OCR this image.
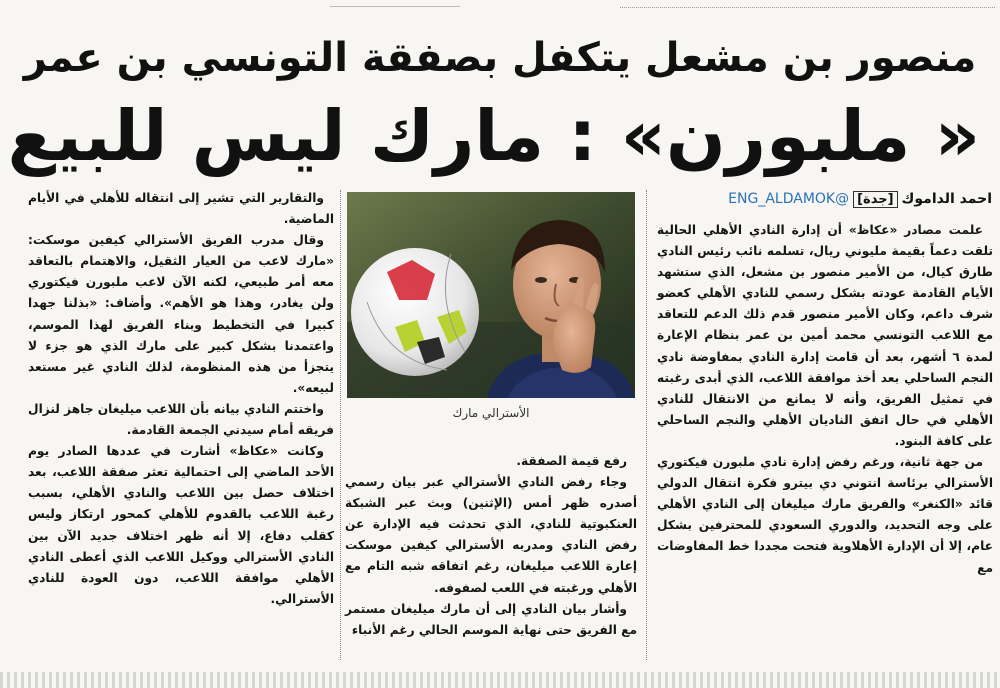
منصور بن مشعل يتكفل بصفقة التونسي بن عمر
« ملبورن» : مارك ليس للبيع
احمد الداموك[جدة]@ENG_ALDAMOK

علمت مصادر «عكاظ» أن إدارة النادي الأهلي الحالية تلقت دعماً بقيمة مليوني ريال، تسلمه نائب رئيس النادي طارق كيال، من الأمير منصور بن مشعل، الذي ستشهد الأيام القادمة عودته بشكل رسمي للنادي الأهلي كعضو شرف داعم، وكان الأمير منصور قدم ذلك الدعم للتعاقد مع اللاعب التونسي محمد أمين بن عمر بنظام الإعارة لمدة ٦ أشهر، بعد أن قامت إدارة النادي بمفاوضة نادي النجم الساحلي بعد أخذ موافقة اللاعب، الذي أبدى رغبته في تمثيل الفريق، وأنه لا يمانع من الانتقال للنادي الأهلي في حال اتفق الناديان الأهلي والنجم الساحلي على كافة البنود.

من جهة ثانية، ورغم رفض إدارة نادي ملبورن فيكتوري الأسترالي برئاسة انتوني دي بيترو فكرة انتقال الدولي قائد «الكنغر» والفريق مارك ميليغان إلى النادي الأهلي على وجه التحديد، والدوري السعودي للمحترفين بشكل عام، إلا أن الإدارة الأهلاوية فتحت مجددا خط المفاوضات مع

الأسترالي مارك

رفع قيمة الصفقة.

وجاء رفض النادي الأسترالي عبر بيان رسمي أصدره ظهر أمس (الإثنين) وبث عبر الشبكة العنكبوتية للنادي، الذي تحدثت فيه الإدارة عن رفض النادي ومدربه الأسترالي كيفين موسكت إعارة اللاعب ميليغان، رغم اتفاقه شبه التام مع الأهلي ورغبته في اللعب لصفوفه.

وأشار بيان النادي إلى أن مارك ميليغان مستمر مع الفريق حتى نهاية الموسم الحالي رغم الأنباء

والتقارير التي تشير إلى انتقاله للأهلي في الأيام الماضية.

وقال مدرب الفريق الأسترالي كيفين موسكت: «مارك لاعب من العيار الثقيل، والاهتمام بالتعاقد معه أمر طبيعي، لكنه الآن لاعب ملبورن فيكتوري ولن يغادر، وهذا هو الأهم». وأضاف: «بذلنا جهدا كبيرا في التخطيط وبناء الفريق لهذا الموسم، واعتمدنا بشكل كبير على مارك الذي هو جزء لا يتجزأ من هذه المنظومة، لذلك النادي غير مستعد لبيعه».

واختتم النادي بيانه بأن اللاعب ميليغان جاهز لنزال فريقه أمام سيدني الجمعة القادمة.

وكانت «عكاظ» أشارت في عددها الصادر يوم الأحد الماضي إلى احتمالية تعثر صفقة اللاعب، بعد اختلاف حصل بين اللاعب والنادي الأهلي، بسبب رغبة اللاعب بالقدوم للأهلي كمحور ارتكاز وليس كقلب دفاع، إلا أنه ظهر اختلاف جديد الآن بين النادي الأسترالي ووكيل اللاعب الذي أعطى النادي الأهلي موافقة اللاعب، دون العودة للنادي الأسترالي.
